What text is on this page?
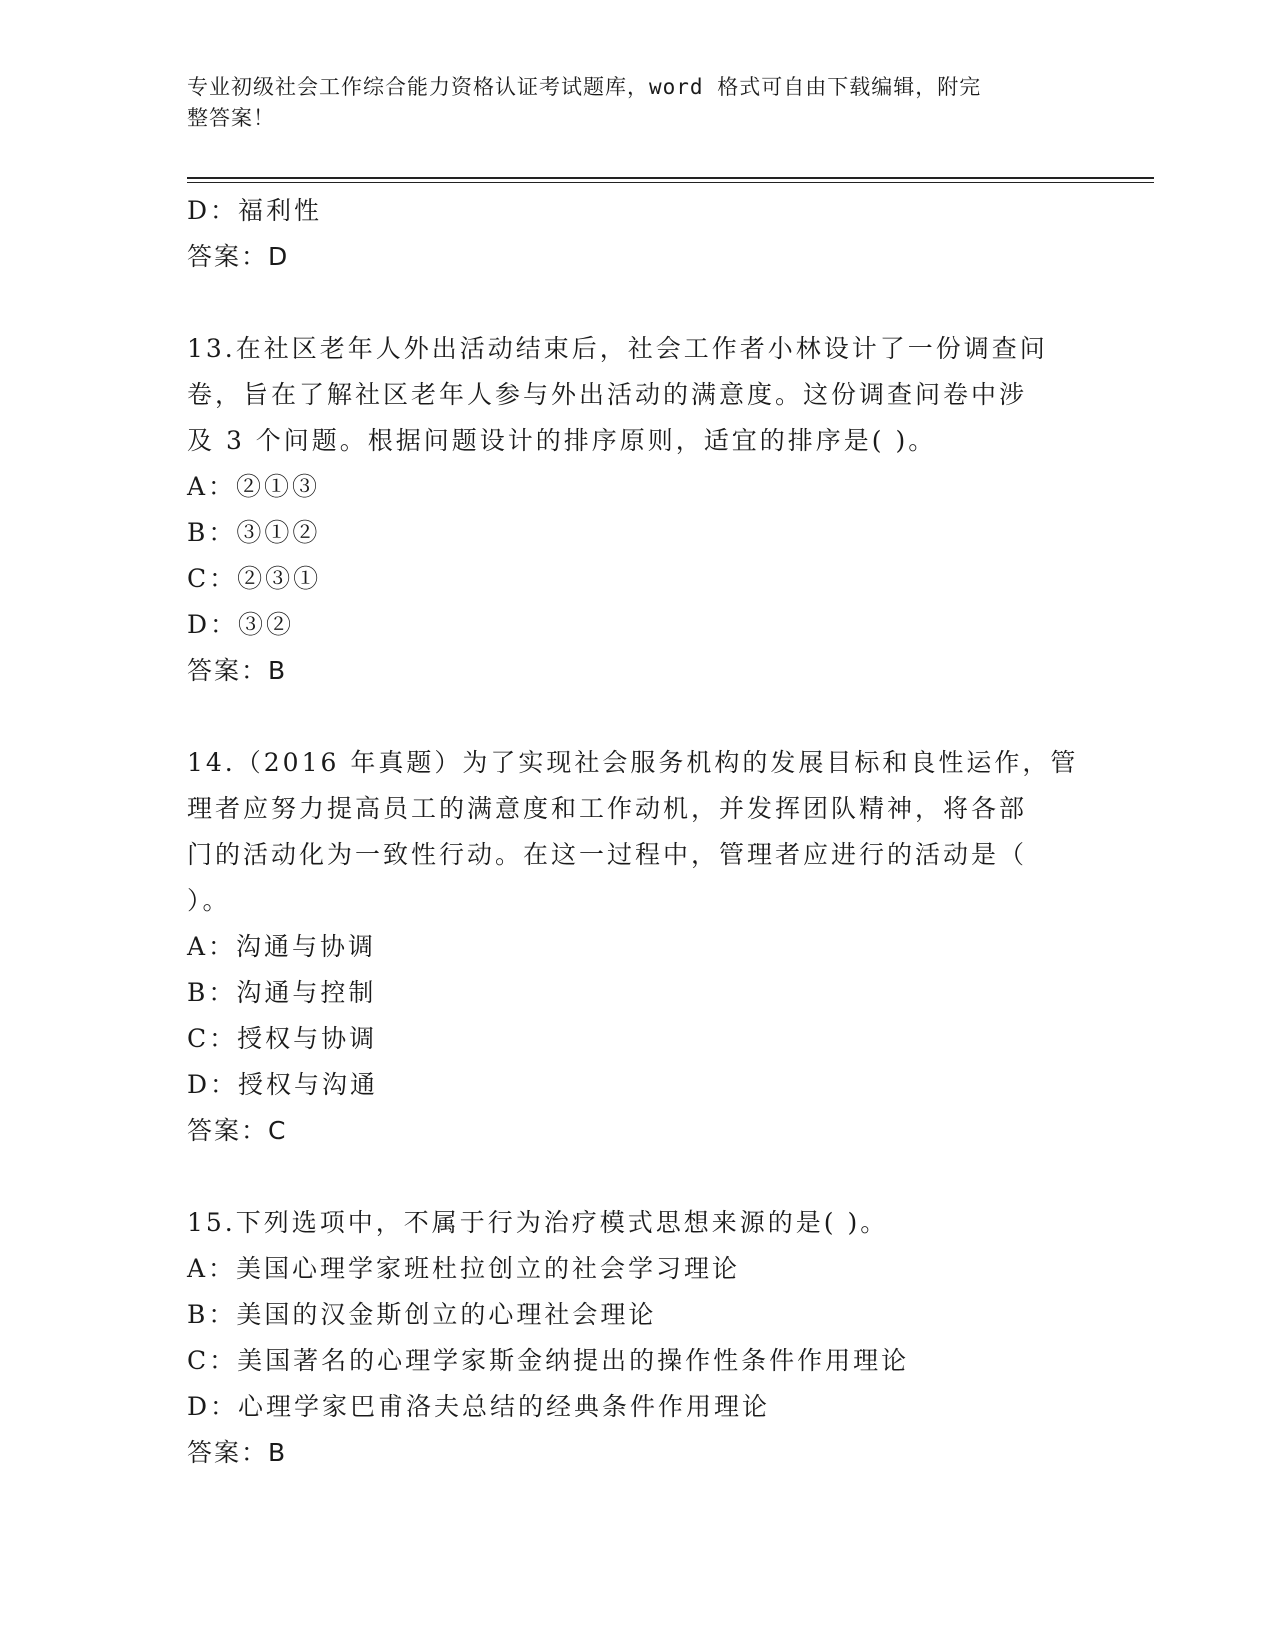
专业初级社会工作综合能力资格认证考试题库，word 格式可自由下载编辑，附完
整答案！
D：福利性
答案：D
13.在社区老年人外出活动结束后，社会工作者小林设计了一份调查问
卷，旨在了解社区老年人参与外出活动的满意度。这份调查问卷中涉
及 3 个问题。根据问题设计的排序原则，适宜的排序是( )。
A：②①③
B：③①②
C：②③①
D：③②
答案：B
14.（2016 年真题）为了实现社会服务机构的发展目标和良性运作，管
理者应努力提高员工的满意度和工作动机，并发挥团队精神，将各部
门的活动化为一致性行动。在这一过程中，管理者应进行的活动是（
）。
A：沟通与协调
B：沟通与控制
C：授权与协调
D：授权与沟通
答案：C
15.下列选项中，不属于行为治疗模式思想来源的是( )。
A：美国心理学家班杜拉创立的社会学习理论
B：美国的汉金斯创立的心理社会理论
C：美国著名的心理学家斯金纳提出的操作性条件作用理论
D：心理学家巴甫洛夫总结的经典条件作用理论
答案：B
